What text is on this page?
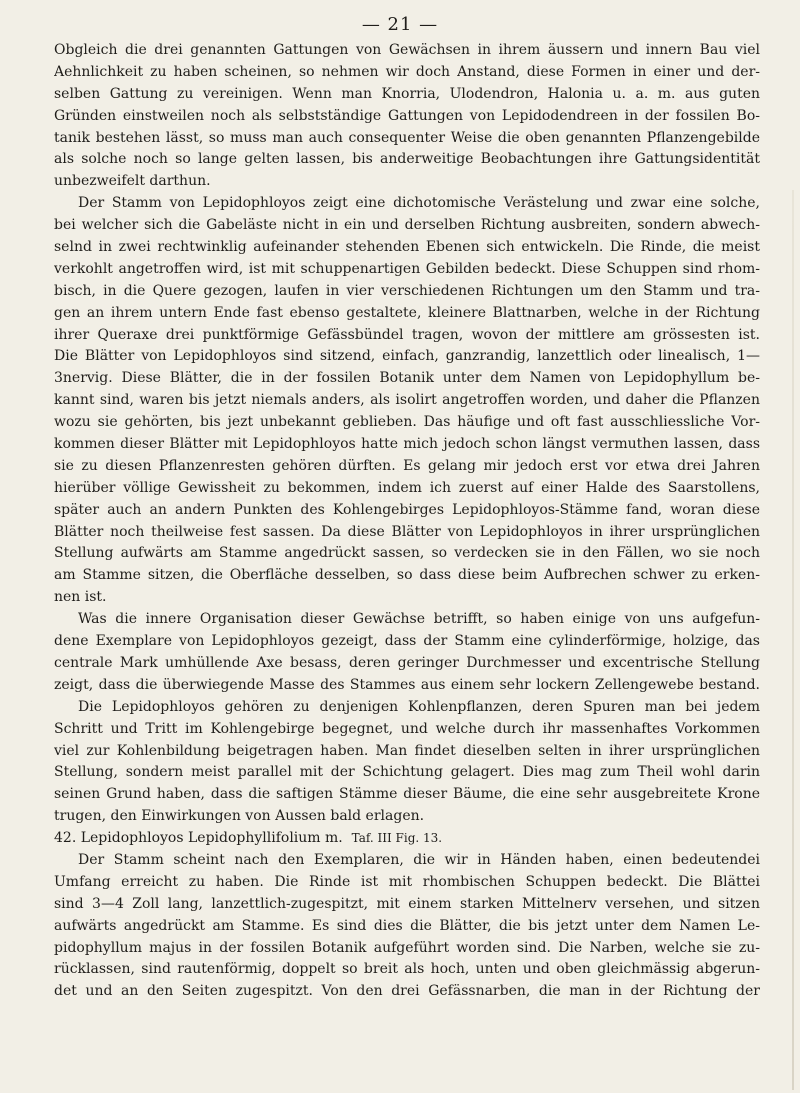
— 21 —
Obgleich die drei genannten Gattungen von Gewächsen in ihrem äussern und innern Bau viel
Aehnlichkeit zu haben scheinen, so nehmen wir doch Anstand, diese Formen in einer und der-
selben Gattung zu vereinigen. Wenn man Knorria, Ulodendron, Halonia u. a. m. aus guten
Gründen einstweilen noch als selbstständige Gattungen von Lepidodendreen in der fossilen Bo-
tanik bestehen lässt, so muss man auch consequenter Weise die oben genannten Pflanzengebilde
als solche noch so lange gelten lassen, bis anderweitige Beobachtungen ihre Gattungsidentität
unbezweifelt darthun.
Der Stamm von Lepidophloyos zeigt eine dichotomische Verästelung und zwar eine solche,
bei welcher sich die Gabeläste nicht in ein und derselben Richtung ausbreiten, sondern abwech-
selnd in zwei rechtwinklig aufeinander stehenden Ebenen sich entwickeln. Die Rinde, die meist
verkohlt angetroffen wird, ist mit schuppenartigen Gebilden bedeckt. Diese Schuppen sind rhom-
bisch, in die Quere gezogen, laufen in vier verschiedenen Richtungen um den Stamm und tra-
gen an ihrem untern Ende fast ebenso gestaltete, kleinere Blattnarben, welche in der Richtung
ihrer Queraxe drei punktförmige Gefässbündel tragen, wovon der mittlere am grössesten ist.
Die Blätter von Lepidophloyos sind sitzend, einfach, ganzrandig, lanzettlich oder linealisch, 1—
3nervig. Diese Blätter, die in der fossilen Botanik unter dem Namen von Lepidophyllum be-
kannt sind, waren bis jetzt niemals anders, als isolirt angetroffen worden, und daher die Pflanzen
wozu sie gehörten, bis jezt unbekannt geblieben. Das häufige und oft fast ausschliessliche Vor-
kommen dieser Blätter mit Lepidophloyos hatte mich jedoch schon längst vermuthen lassen, dass
sie zu diesen Pflanzenresten gehören dürften. Es gelang mir jedoch erst vor etwa drei Jahren
hierüber völlige Gewissheit zu bekommen, indem ich zuerst auf einer Halde des Saarstollens,
später auch an andern Punkten des Kohlengebirges Lepidophloyos-Stämme fand, woran diese
Blätter noch theilweise fest sassen. Da diese Blätter von Lepidophloyos in ihrer ursprünglichen
Stellung aufwärts am Stamme angedrückt sassen, so verdecken sie in den Fällen, wo sie noch
am Stamme sitzen, die Oberfläche desselben, so dass diese beim Aufbrechen schwer zu erken-
nen ist.
Was die innere Organisation dieser Gewächse betrifft, so haben einige von uns aufgefun-
dene Exemplare von Lepidophloyos gezeigt, dass der Stamm eine cylinderförmige, holzige, das
centrale Mark umhüllende Axe besass, deren geringer Durchmesser und excentrische Stellung
zeigt, dass die überwiegende Masse des Stammes aus einem sehr lockern Zellengewebe bestand.
Die Lepidophloyos gehören zu denjenigen Kohlenpflanzen, deren Spuren man bei jedem
Schritt und Tritt im Kohlengebirge begegnet, und welche durch ihr massenhaftes Vorkommen
viel zur Kohlenbildung beigetragen haben. Man findet dieselben selten in ihrer ursprünglichen
Stellung, sondern meist parallel mit der Schichtung gelagert. Dies mag zum Theil wohl darin
seinen Grund haben, dass die saftigen Stämme dieser Bäume, die eine sehr ausgebreitete Krone
trugen, den Einwirkungen von Aussen bald erlagen.
42. Lepidophloyos Lepidophyllifolium m. Taf. III Fig. 13.
Der Stamm scheint nach den Exemplaren, die wir in Händen haben, einen bedeutendei
Umfang erreicht zu haben. Die Rinde ist mit rhombischen Schuppen bedeckt. Die Blättei
sind 3—4 Zoll lang, lanzettlich-zugespitzt, mit einem starken Mittelnerv versehen, und sitzen
aufwärts angedrückt am Stamme. Es sind dies die Blätter, die bis jetzt unter dem Namen Le-
pidophyllum majus in der fossilen Botanik aufgeführt worden sind. Die Narben, welche sie zu-
rücklassen, sind rautenförmig, doppelt so breit als hoch, unten und oben gleichmässig abgerun-
det und an den Seiten zugespitzt. Von den drei Gefässnarben, die man in der Richtung der
